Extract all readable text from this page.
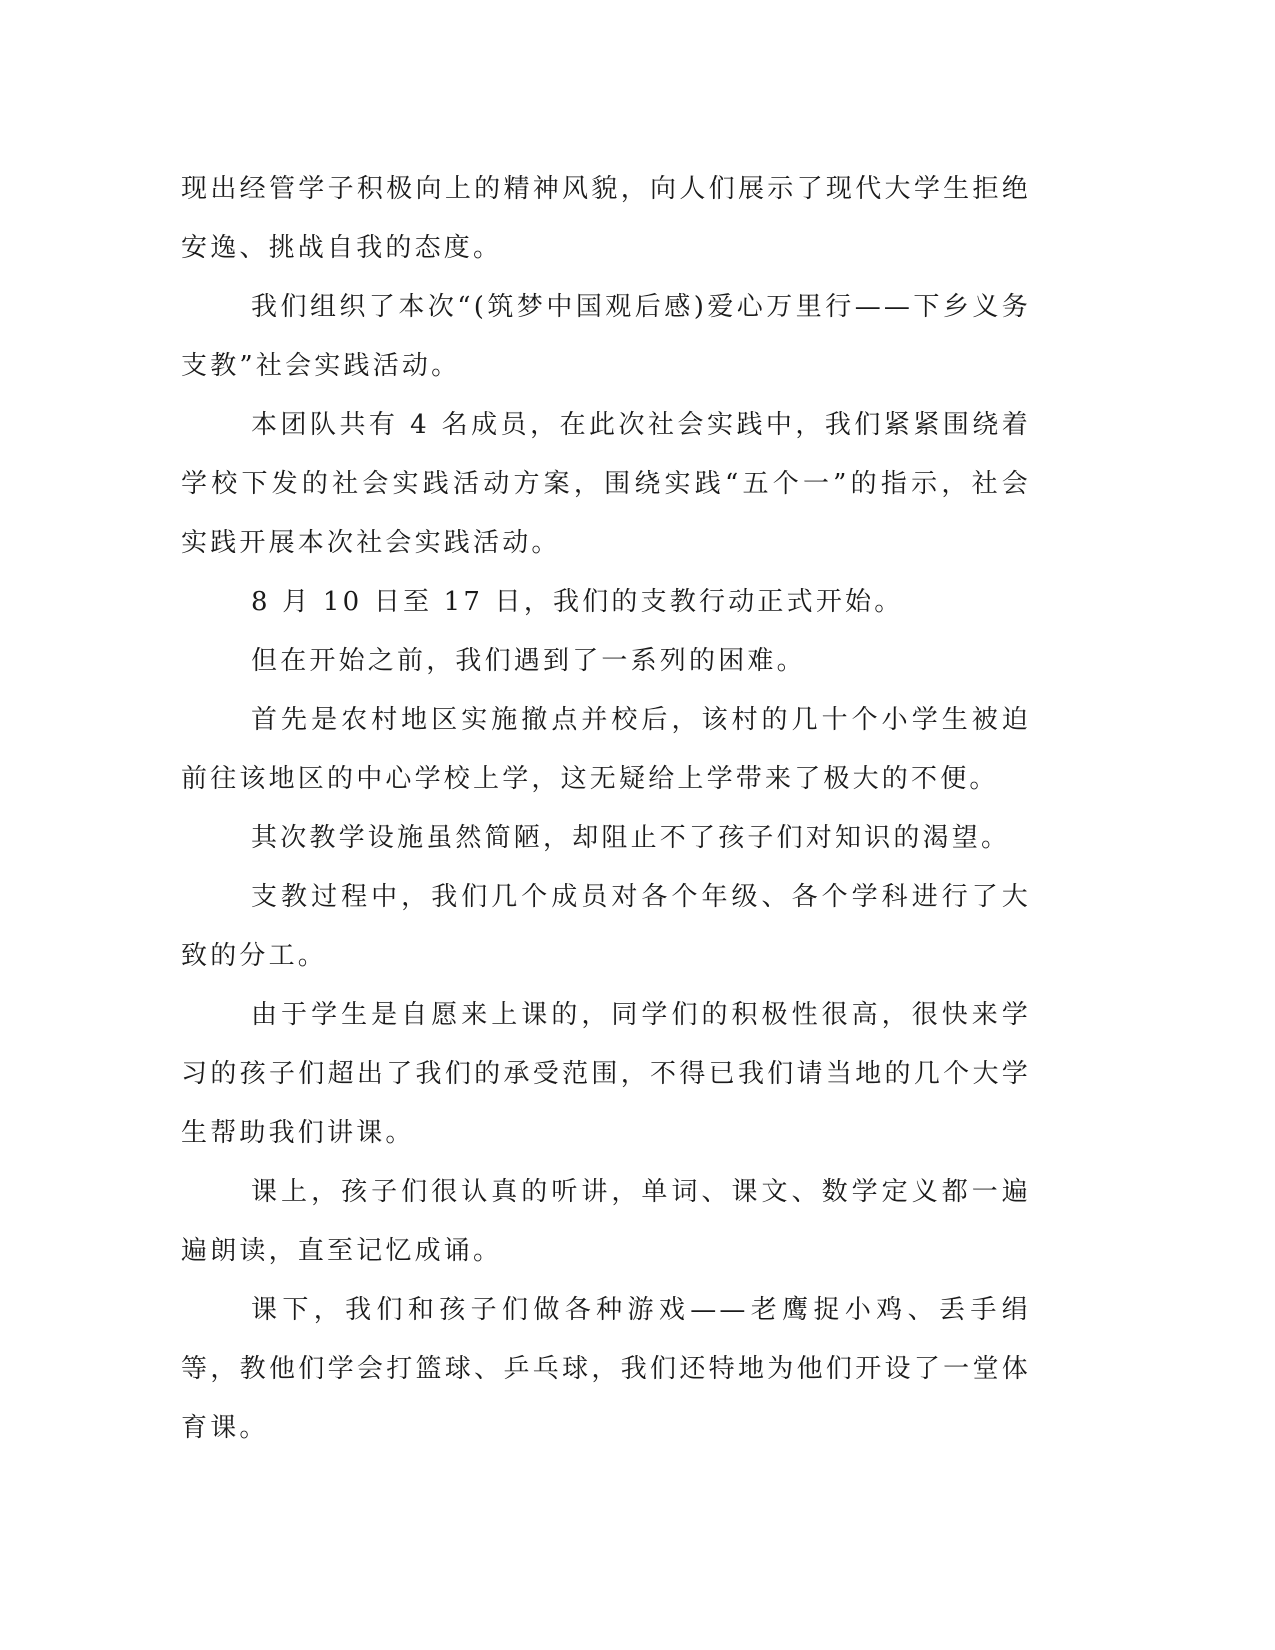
现出经管学子积极向上的精神风貌，向人们展示了现代大学生拒绝安逸、挑战自我的态度。

我们组织了本次“(筑梦中国观后感)爱心万里行——下乡义务支教”社会实践活动。

本团队共有 4 名成员，在此次社会实践中，我们紧紧围绕着学校下发的社会实践活动方案，围绕实践“五个一”的指示，社会实践开展本次社会实践活动。

8 月 10 日至 17 日，我们的支教行动正式开始。

但在开始之前，我们遇到了一系列的困难。

首先是农村地区实施撤点并校后，该村的几十个小学生被迫前往该地区的中心学校上学，这无疑给上学带来了极大的不便。

其次教学设施虽然简陋，却阻止不了孩子们对知识的渴望。

支教过程中，我们几个成员对各个年级、各个学科进行了大致的分工。

由于学生是自愿来上课的，同学们的积极性很高，很快来学习的孩子们超出了我们的承受范围，不得已我们请当地的几个大学生帮助我们讲课。

课上，孩子们很认真的听讲，单词、课文、数学定义都一遍遍朗读，直至记忆成诵。

课下，我们和孩子们做各种游戏——老鹰捉小鸡、丢手绢等，教他们学会打篮球、乒乓球，我们还特地为他们开设了一堂体育课。
